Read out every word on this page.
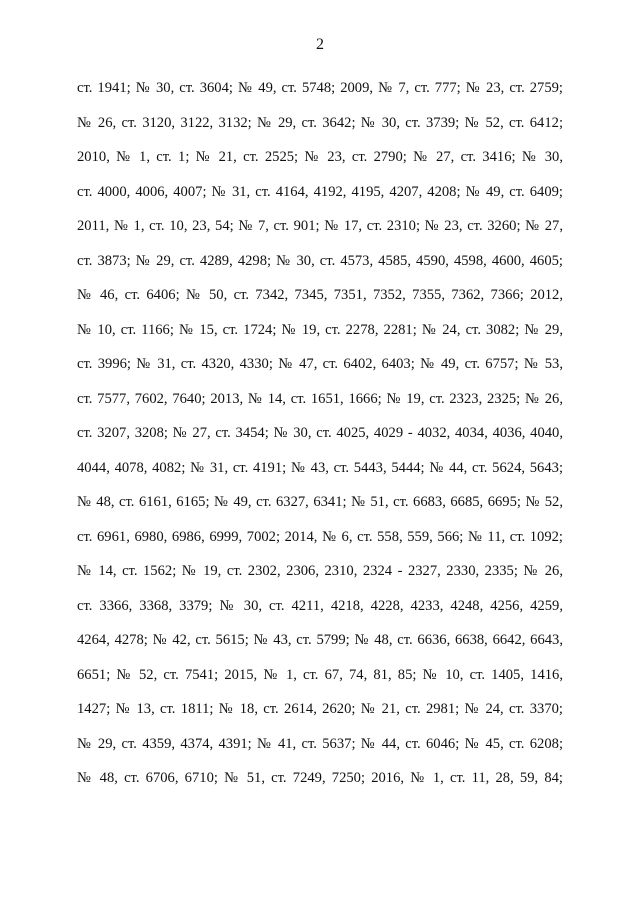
2
ст. 1941; № 30, ст. 3604; № 49, ст. 5748; 2009, № 7, ст. 777; № 23, ст. 2759;
№ 26, ст. 3120, 3122, 3132; № 29, ст. 3642; № 30, ст. 3739; № 52, ст. 6412;
2010, № 1, ст. 1; № 21, ст. 2525; № 23, ст. 2790; № 27, ст. 3416; № 30,
ст. 4000, 4006, 4007; № 31, ст. 4164, 4192, 4195, 4207, 4208; № 49, ст. 6409;
2011, № 1, ст. 10, 23, 54; № 7, ст. 901; № 17, ст. 2310; № 23, ст. 3260; № 27,
ст. 3873; № 29, ст. 4289, 4298; № 30, ст. 4573, 4585, 4590, 4598, 4600, 4605;
№ 46, ст. 6406; № 50, ст. 7342, 7345, 7351, 7352, 7355, 7362, 7366; 2012,
№ 10, ст. 1166; № 15, ст. 1724; № 19, ст. 2278, 2281; № 24, ст. 3082; № 29,
ст. 3996; № 31, ст. 4320, 4330; № 47, ст. 6402, 6403; № 49, ст. 6757; № 53,
ст. 7577, 7602, 7640; 2013, № 14, ст. 1651, 1666; № 19, ст. 2323, 2325; № 26,
ст. 3207, 3208; № 27, ст. 3454; № 30, ст. 4025, 4029 - 4032, 4034, 4036, 4040,
4044, 4078, 4082; № 31, ст. 4191; № 43, ст. 5443, 5444; № 44, ст. 5624, 5643;
№ 48, ст. 6161, 6165; № 49, ст. 6327, 6341; № 51, ст. 6683, 6685, 6695; № 52,
ст. 6961, 6980, 6986, 6999, 7002; 2014, № 6, ст. 558, 559, 566; № 11, ст. 1092;
№ 14, ст. 1562; № 19, ст. 2302, 2306, 2310, 2324 - 2327, 2330, 2335; № 26,
ст. 3366, 3368, 3379; № 30, ст. 4211, 4218, 4228, 4233, 4248, 4256, 4259,
4264, 4278; № 42, ст. 5615; № 43, ст. 5799; № 48, ст. 6636, 6638, 6642, 6643,
6651; № 52, ст. 7541; 2015, № 1, ст. 67, 74, 81, 85; № 10, ст. 1405, 1416,
1427; № 13, ст. 1811; № 18, ст. 2614, 2620; № 21, ст. 2981; № 24, ст. 3370;
№ 29, ст. 4359, 4374, 4391; № 41, ст. 5637; № 44, ст. 6046; № 45, ст. 6208;
№ 48, ст. 6706, 6710; № 51, ст. 7249, 7250; 2016, № 1, ст. 11, 28, 59, 84;
